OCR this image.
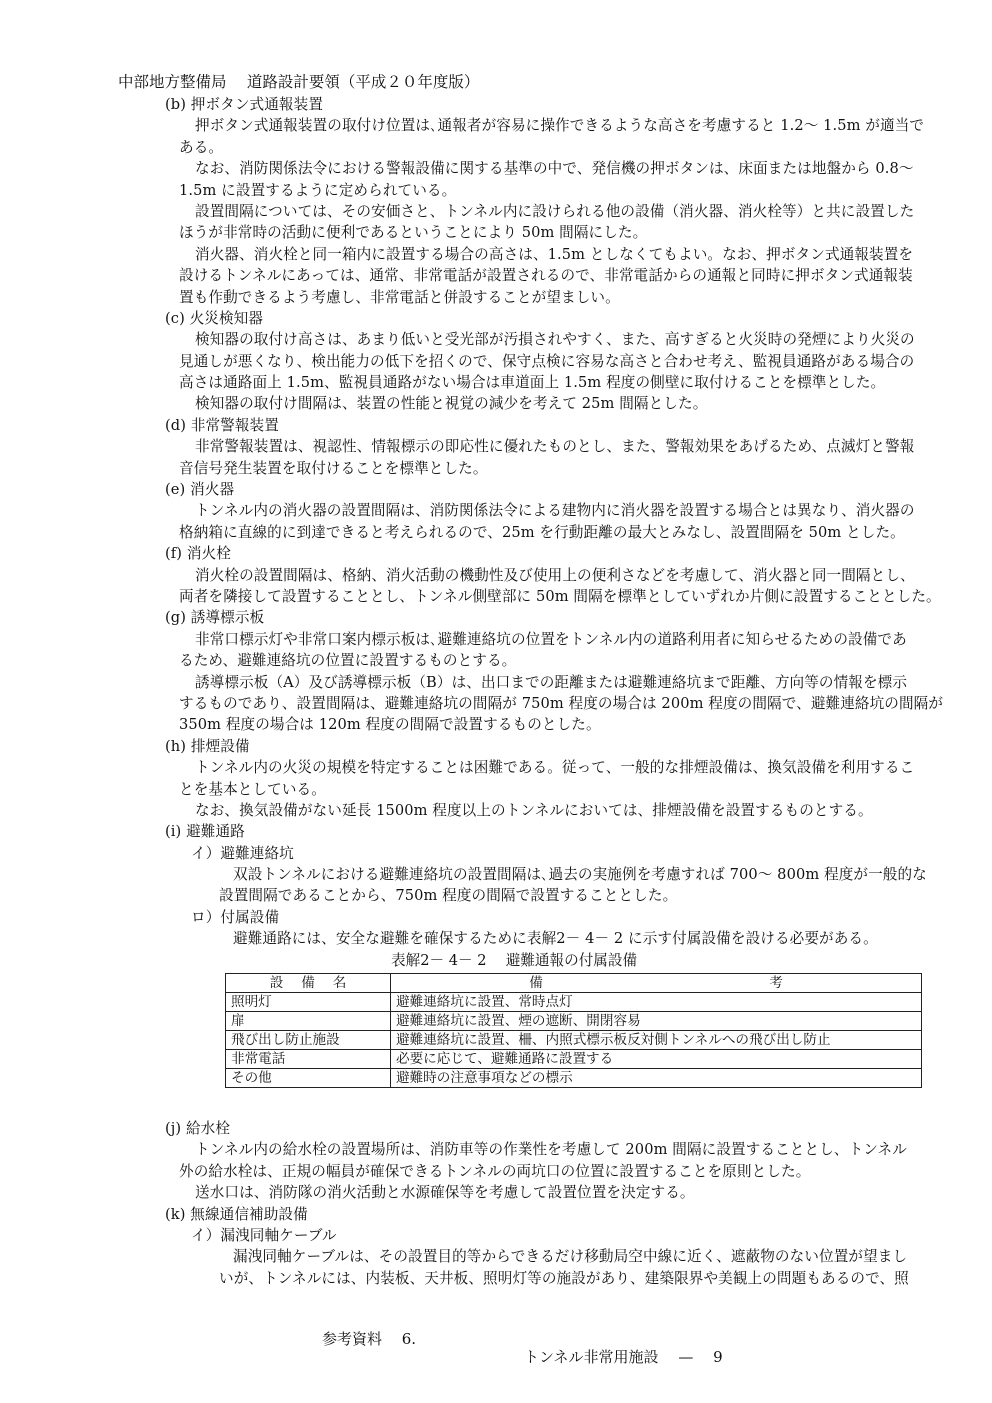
中部地方整備局　 道路設計要領（平成２０年度版）
(b) 押ボタン式通報装置
押ボタン式通報装置の取付け位置は､通報者が容易に操作できるような高さを考慮すると 1.2～ 1.5m が適当で
ある。
なお、消防関係法令における警報設備に関する基準の中で、発信機の押ボタンは、床面または地盤から 0.8～
1.5m に設置するように定められている。
設置間隔については、その安価さと、トンネル内に設けられる他の設備（消火器、消火栓等）と共に設置した
ほうが非常時の活動に便利であるということにより 50m 間隔にした。
消火器、消火栓と同一箱内に設置する場合の高さは、1.5m としなくてもよい。なお、押ボタン式通報装置を
設けるトンネルにあっては、通常、非常電話が設置されるので、非常電話からの通報と同時に押ボタン式通報装
置も作動できるよう考慮し、非常電話と併設することが望ましい。
(c) 火災検知器
検知器の取付け高さは、あまり低いと受光部が汚損されやすく、また、高すぎると火災時の発煙により火災の
見通しが悪くなり、検出能力の低下を招くので、保守点検に容易な高さと合わせ考え、監視員通路がある場合の
高さは通路面上 1.5m、監視員通路がない場合は車道面上 1.5m 程度の側壁に取付けることを標準とした。
検知器の取付け間隔は、装置の性能と視覚の減少を考えて 25m 間隔とした。
(d) 非常警報装置
非常警報装置は、視認性、情報標示の即応性に優れたものとし、また、警報効果をあげるため、点滅灯と警報
音信号発生装置を取付けることを標準とした。
(e) 消火器
トンネル内の消火器の設置間隔は、消防関係法令による建物内に消火器を設置する場合とは異なり、消火器の
格納箱に直線的に到達できると考えられるので、25m を行動距離の最大とみなし、設置間隔を 50m とした。
(f) 消火栓
消火栓の設置間隔は、格納、消火活動の機動性及び使用上の便利さなどを考慮して、消火器と同一間隔とし、
両者を隣接して設置することとし、トンネル側壁部に 50m 間隔を標準としていずれか片側に設置することとした。
(g) 誘導標示板
非常口標示灯や非常口案内標示板は､避難連絡坑の位置をトンネル内の道路利用者に知らせるための設備であ
るため、避難連絡坑の位置に設置するものとする。
誘導標示板（A）及び誘導標示板（B）は、出口までの距離または避難連絡坑まで距離、方向等の情報を標示
するものであり、設置間隔は、避難連絡坑の間隔が 750m 程度の場合は 200m 程度の間隔で、避難連絡坑の間隔が
350m 程度の場合は 120m 程度の間隔で設置するものとした。
(h) 排煙設備
トンネル内の火災の規模を特定することは困難である。従って、一般的な排煙設備は、換気設備を利用するこ
とを基本としている。
なお、換気設備がない延長 1500m 程度以上のトンネルにおいては、排煙設備を設置するものとする。
(i) 避難通路
イ）避難連絡坑
双設トンネルにおける避難連絡坑の設置間隔は､過去の実施例を考慮すれば 700～ 800m 程度が一般的な
設置間隔であることから、750m 程度の間隔で設置することとした。
ロ）付属設備
避難通路には、安全な避難を確保するために表解2－ 4－ 2 に示す付属設備を設ける必要がある。
表解2－ 4－ 2　 避難通報の付属設備
設　 備　 名	備 考

照明灯	避難連絡坑に設置、常時点灯
扉	避難連絡坑に設置、煙の遮断、開閉容易
飛び出し防止施設	避難連絡坑に設置、柵、内照式標示板反対側トンネルへの飛び出し防止
非常電話	必要に応じて、避難通路に設置する
その他	避難時の注意事項などの標示
(j) 給水栓
トンネル内の給水栓の設置場所は、消防車等の作業性を考慮して 200m 間隔に設置することとし、トンネル
外の給水栓は、正規の幅員が確保できるトンネルの両坑口の位置に設置することを原則とした。
送水口は、消防隊の消火活動と水源確保等を考慮して設置位置を決定する。
(k) 無線通信補助設備
イ）漏洩同軸ケーブル
漏洩同軸ケーブルは、その設置目的等からできるだけ移動局空中線に近く、遮蔽物のない位置が望まし
いが、トンネルには、内装板、天井板、照明灯等の施設があり、建築限界や美観上の問題もあるので、照

参考資料　 6.

トンネル非常用施設　 —　 9
